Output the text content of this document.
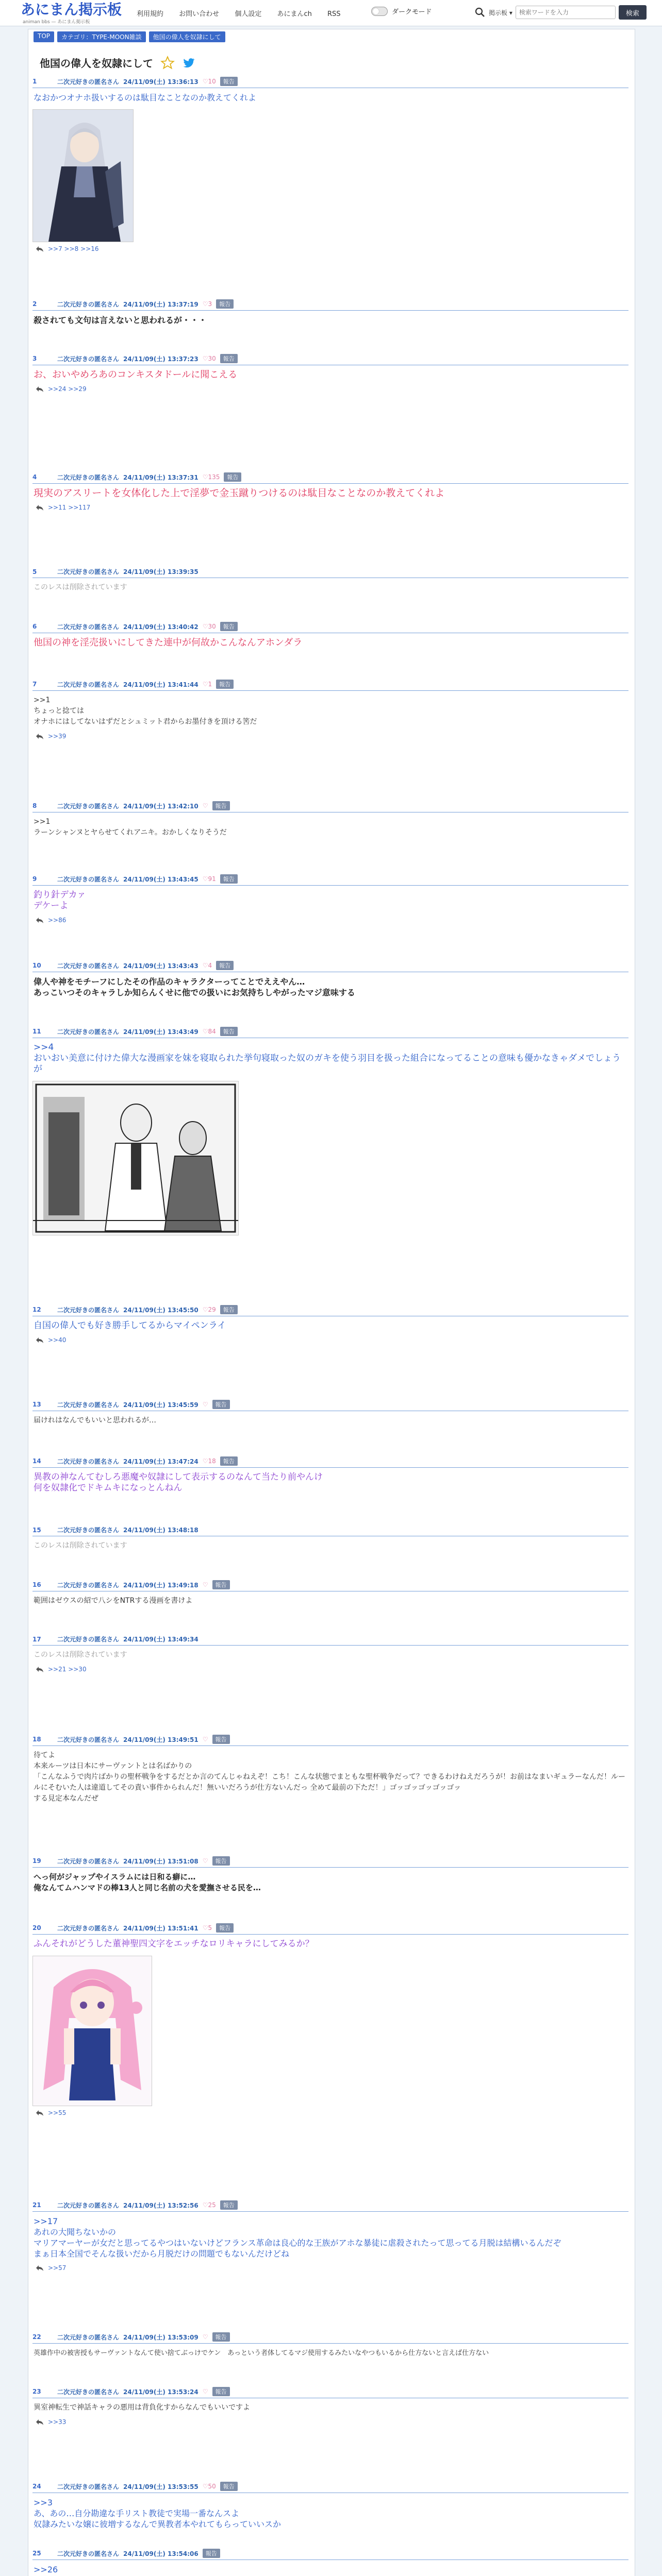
あにまん掲示板
animan bbs — あにまん掲示板
利用規約 お問い合わせ 個人設定 あにまんch RSS	ダークモード	掲示板 ▾
検索ワードを入力	検索
TOP	カテゴリ：TYPE-MOON雑談	他国の偉人を奴隷にして
他国の偉人を奴隷にして
1	二次元好きの匿名さん 24/11/09(土) 13:36:13 ♡10	報告
なおかつオナホ扱いするのは駄目なことなのか教えてくれよ
>>7 >>8 >>16
2	二次元好きの匿名さん 24/11/09(土) 13:37:19 ♡3	報告
殺されても文句は言えないと思われるが・・・
3	二次元好きの匿名さん 24/11/09(土) 13:37:23 ♡30	報告
お、おいやめろあのコンキスタドールに聞こえる
>>24 >>29
4	二次元好きの匿名さん 24/11/09(土) 13:37:31 ♡135	報告
現実のアスリートを女体化した上で淫夢で金玉蹴りつけるのは駄目なことなのか教えてくれよ
>>11 >>117
5	二次元好きの匿名さん 24/11/09(土) 13:39:35
このレスは削除されています
6	二次元好きの匿名さん 24/11/09(土) 13:40:42 ♡30	報告
他国の神を淫売扱いにしてきた連中が何故かこんなんアホンダラ
7	二次元好きの匿名さん 24/11/09(土) 13:41:44 ♡1	報告
>>1
ちょっと捻ては
オナホにはしてないはずだとシュミット君からお墨付きを頂ける筈だ
>>39
8	二次元好きの匿名さん 24/11/09(土) 13:42:10 ♡	報告
>>1
ラーンシャンヌとヤらせてくれアニキ。おかしくなりそうだ
9	二次元好きの匿名さん 24/11/09(土) 13:43:45 ♡91	報告
釣り針デカァ
デケーよ
>>86
10	二次元好きの匿名さん 24/11/09(土) 13:43:43 ♡4	報告
偉人や神をモチーフにしたその作品のキャラクターってことでええやん…
あっこいつそのキャラしか知らんくせに他での扱いにお気持ちしやがったマジ意味する
11	二次元好きの匿名さん 24/11/09(土) 13:43:49 ♡84	報告
>>4
おいおい美意に付けた偉大な漫画家を妹を寝取られた挙句寝取った奴のガキを使う羽目を扱った組合になってることの意味も優かなきゃダメでしょうが
12	二次元好きの匿名さん 24/11/09(土) 13:45:50 ♡29	報告
自国の偉人でも好き勝手してるからマイペンライ
>>40
13	二次元好きの匿名さん 24/11/09(土) 13:45:59 ♡	報告
届けれはなんでもいいと思われるが…
14	二次元好きの匿名さん 24/11/09(土) 13:47:24 ♡18	報告
異教の神なんてむしろ悪魔や奴隷にして表示するのなんて当たり前やんけ
何を奴隷化でドキムキになっとんねん
15	二次元好きの匿名さん 24/11/09(土) 13:48:18
このレスは削除されています
16	二次元好きの匿名さん 24/11/09(土) 13:49:18 ♡	報告
範囲はゼウスの紹で八シをNTRする漫画を書けよ
17	二次元好きの匿名さん 24/11/09(土) 13:49:34
このレスは削除されています
>>21 >>30
18	二次元好きの匿名さん 24/11/09(土) 13:49:51 ♡	報告
待てよ
本来ルーツは日本にサーヴァントとは名ばかりの
「こんなふうで肉片ばかりの聖杯戦争をするだとか言のてんじゃねえぞ！こち！こんな状態でまともな聖杯戦争だって？できるわけねえだろうが！お前はなまいギュラーなんだ！ルールにそむいた人は違道してその責い事件かられんだ！無いいだろうが仕方ないんだっ 全めて最前の下ただ！」ゴッゴッゴッゴッゴッ
する見定本なんだぜ
19	二次元好きの匿名さん 24/11/09(土) 13:51:08 ♡	報告
へっ何がジャップやイスラムには日和る癖に…
俺なんてムハンマドの棒13人と同じ名前の犬を愛撫させる民を…
20	二次元好きの匿名さん 24/11/09(土) 13:51:41 ♡5	報告
ふんそれがどうした董神聖四文字をエッチなロリキャラにしてみるか？
>>55
21	二次元好きの匿名さん 24/11/09(土) 13:52:56 ♡25	報告
>>17
あれの大聞ちないかの
マリアマーヤーが女だと思ってるやつはいないけどフランス革命は良心的な王族がアホな暴徒に虐殺されたって思ってる月脱は結構いるんだぞ
まぁ日本全国でそんな扱いだから月脱だけの問題でもないんだけどね
>>57
22	二次元好きの匿名さん 24/11/09(土) 13:53:09 ♡	報告
英雄作中の被害授もサーヴァントなんて使い捨てぶっけでケン　あっという者体してるマジ使用するみたいなやつもいるから仕方ないと言えば仕方ない
23	二次元好きの匿名さん 24/11/09(土) 13:53:24 ♡	報告
異室神転生で神話キャラの悪用は背負化すからなんでもいいですよ
>>33
24	二次元好きの匿名さん 24/11/09(土) 13:53:55 ♡50	報告
>>3
あ、あの…自分勘違な手リスト教徒で実場一番なんスよ
奴隷みたいな嬢に彼増するなんで異教者本やれてもらっていいスか
25	二次元好きの匿名さん 24/11/09(土) 13:54:06	報告
>>26
